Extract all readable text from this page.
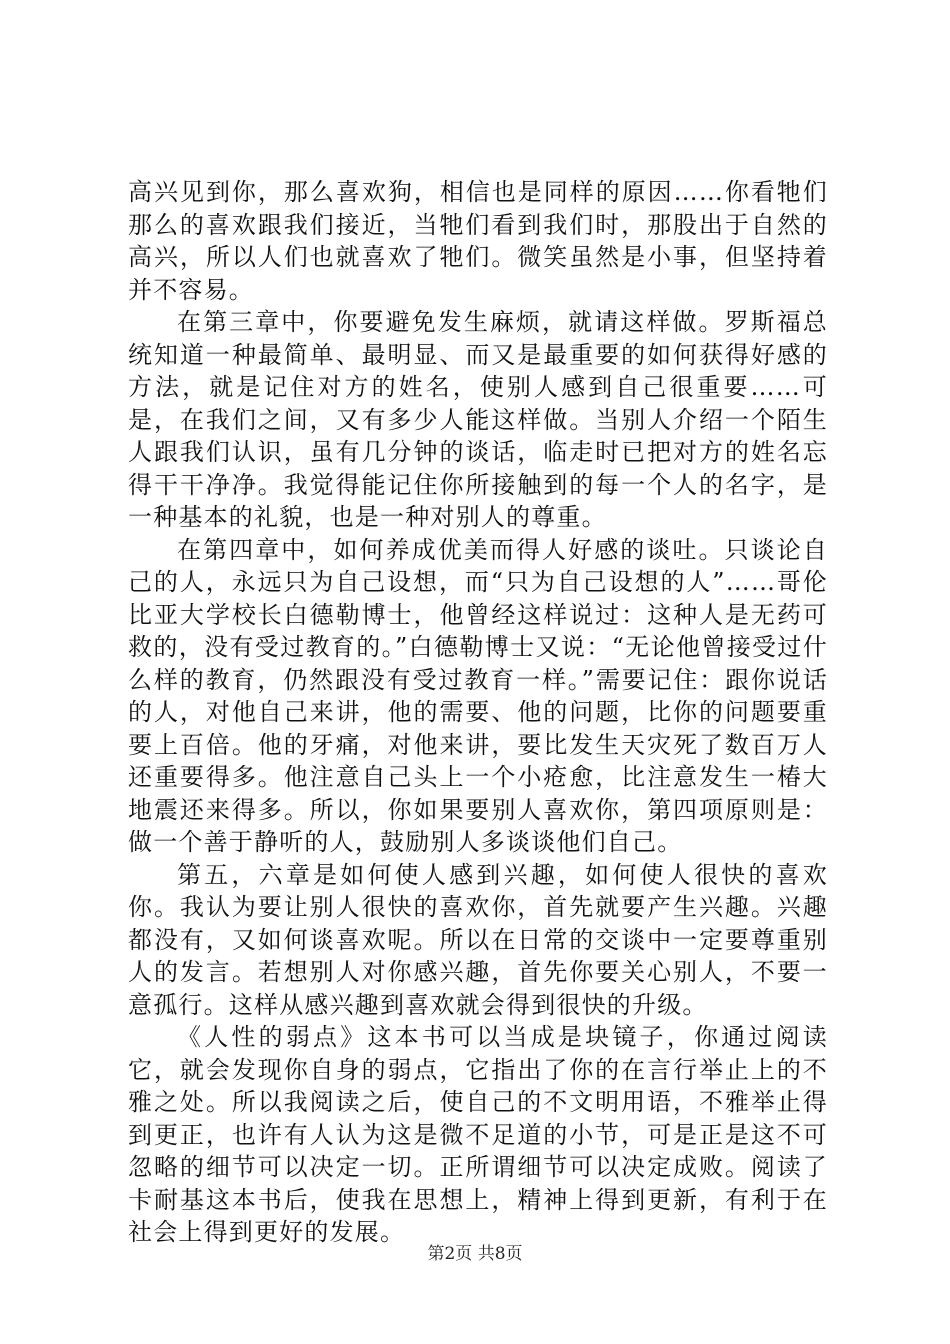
高兴见到你，那么喜欢狗，相信也是同样的原因……你看牠们那么的喜欢跟我们接近，当牠们看到我们时，那股出于自然的高兴，所以人们也就喜欢了牠们。微笑虽然是小事，但坚持着并不容易。

在第三章中，你要避免发生麻烦，就请这样做。罗斯福总统知道一种最简单、最明显、而又是最重要的如何获得好感的方法，就是记住对方的姓名，使别人感到自己很重要……可是，在我们之间，又有多少人能这样做。当别人介绍一个陌生人跟我们认识，虽有几分钟的谈话，临走时已把对方的姓名忘得干干净净。我觉得能记住你所接触到的每一个人的名字，是一种基本的礼貌，也是一种对别人的尊重。

在第四章中，如何养成优美而得人好感的谈吐。只谈论自己的人，永远只为自己设想，而“只为自己设想的人”……哥伦比亚大学校长白德勒博士，他曾经这样说过：这种人是无药可救的，没有受过教育的。”白德勒博士又说：“无论他曾接受过什么样的教育，仍然跟没有受过教育一样。”需要记住：跟你说话的人，对他自己来讲，他的需要、他的问题，比你的问题要重要上百倍。他的牙痛，对他来讲，要比发生天灾死了数百万人还重要得多。他注意自己头上一个小疮愈，比注意发生一椿大地震还来得多。所以，你如果要别人喜欢你，第四项原则是：做一个善于静听的人，鼓励别人多谈谈他们自己。

第五，六章是如何使人感到兴趣，如何使人很快的喜欢你。我认为要让别人很快的喜欢你，首先就要产生兴趣。兴趣都没有，又如何谈喜欢呢。所以在日常的交谈中一定要尊重别人的发言。若想别人对你感兴趣，首先你要关心别人，不要一意孤行。这样从感兴趣到喜欢就会得到很快的升级。

《人性的弱点》这本书可以当成是块镜子，你通过阅读它，就会发现你自身的弱点，它指出了你的在言行举止上的不雅之处。所以我阅读之后，使自己的不文明用语，不雅举止得到更正，也许有人认为这是微不足道的小节，可是正是这不可忽略的细节可以决定一切。正所谓细节可以决定成败。阅读了卡耐基这本书后，使我在思想上，精神上得到更新，有利于在社会上得到更好的发展。

第2页 共8页
